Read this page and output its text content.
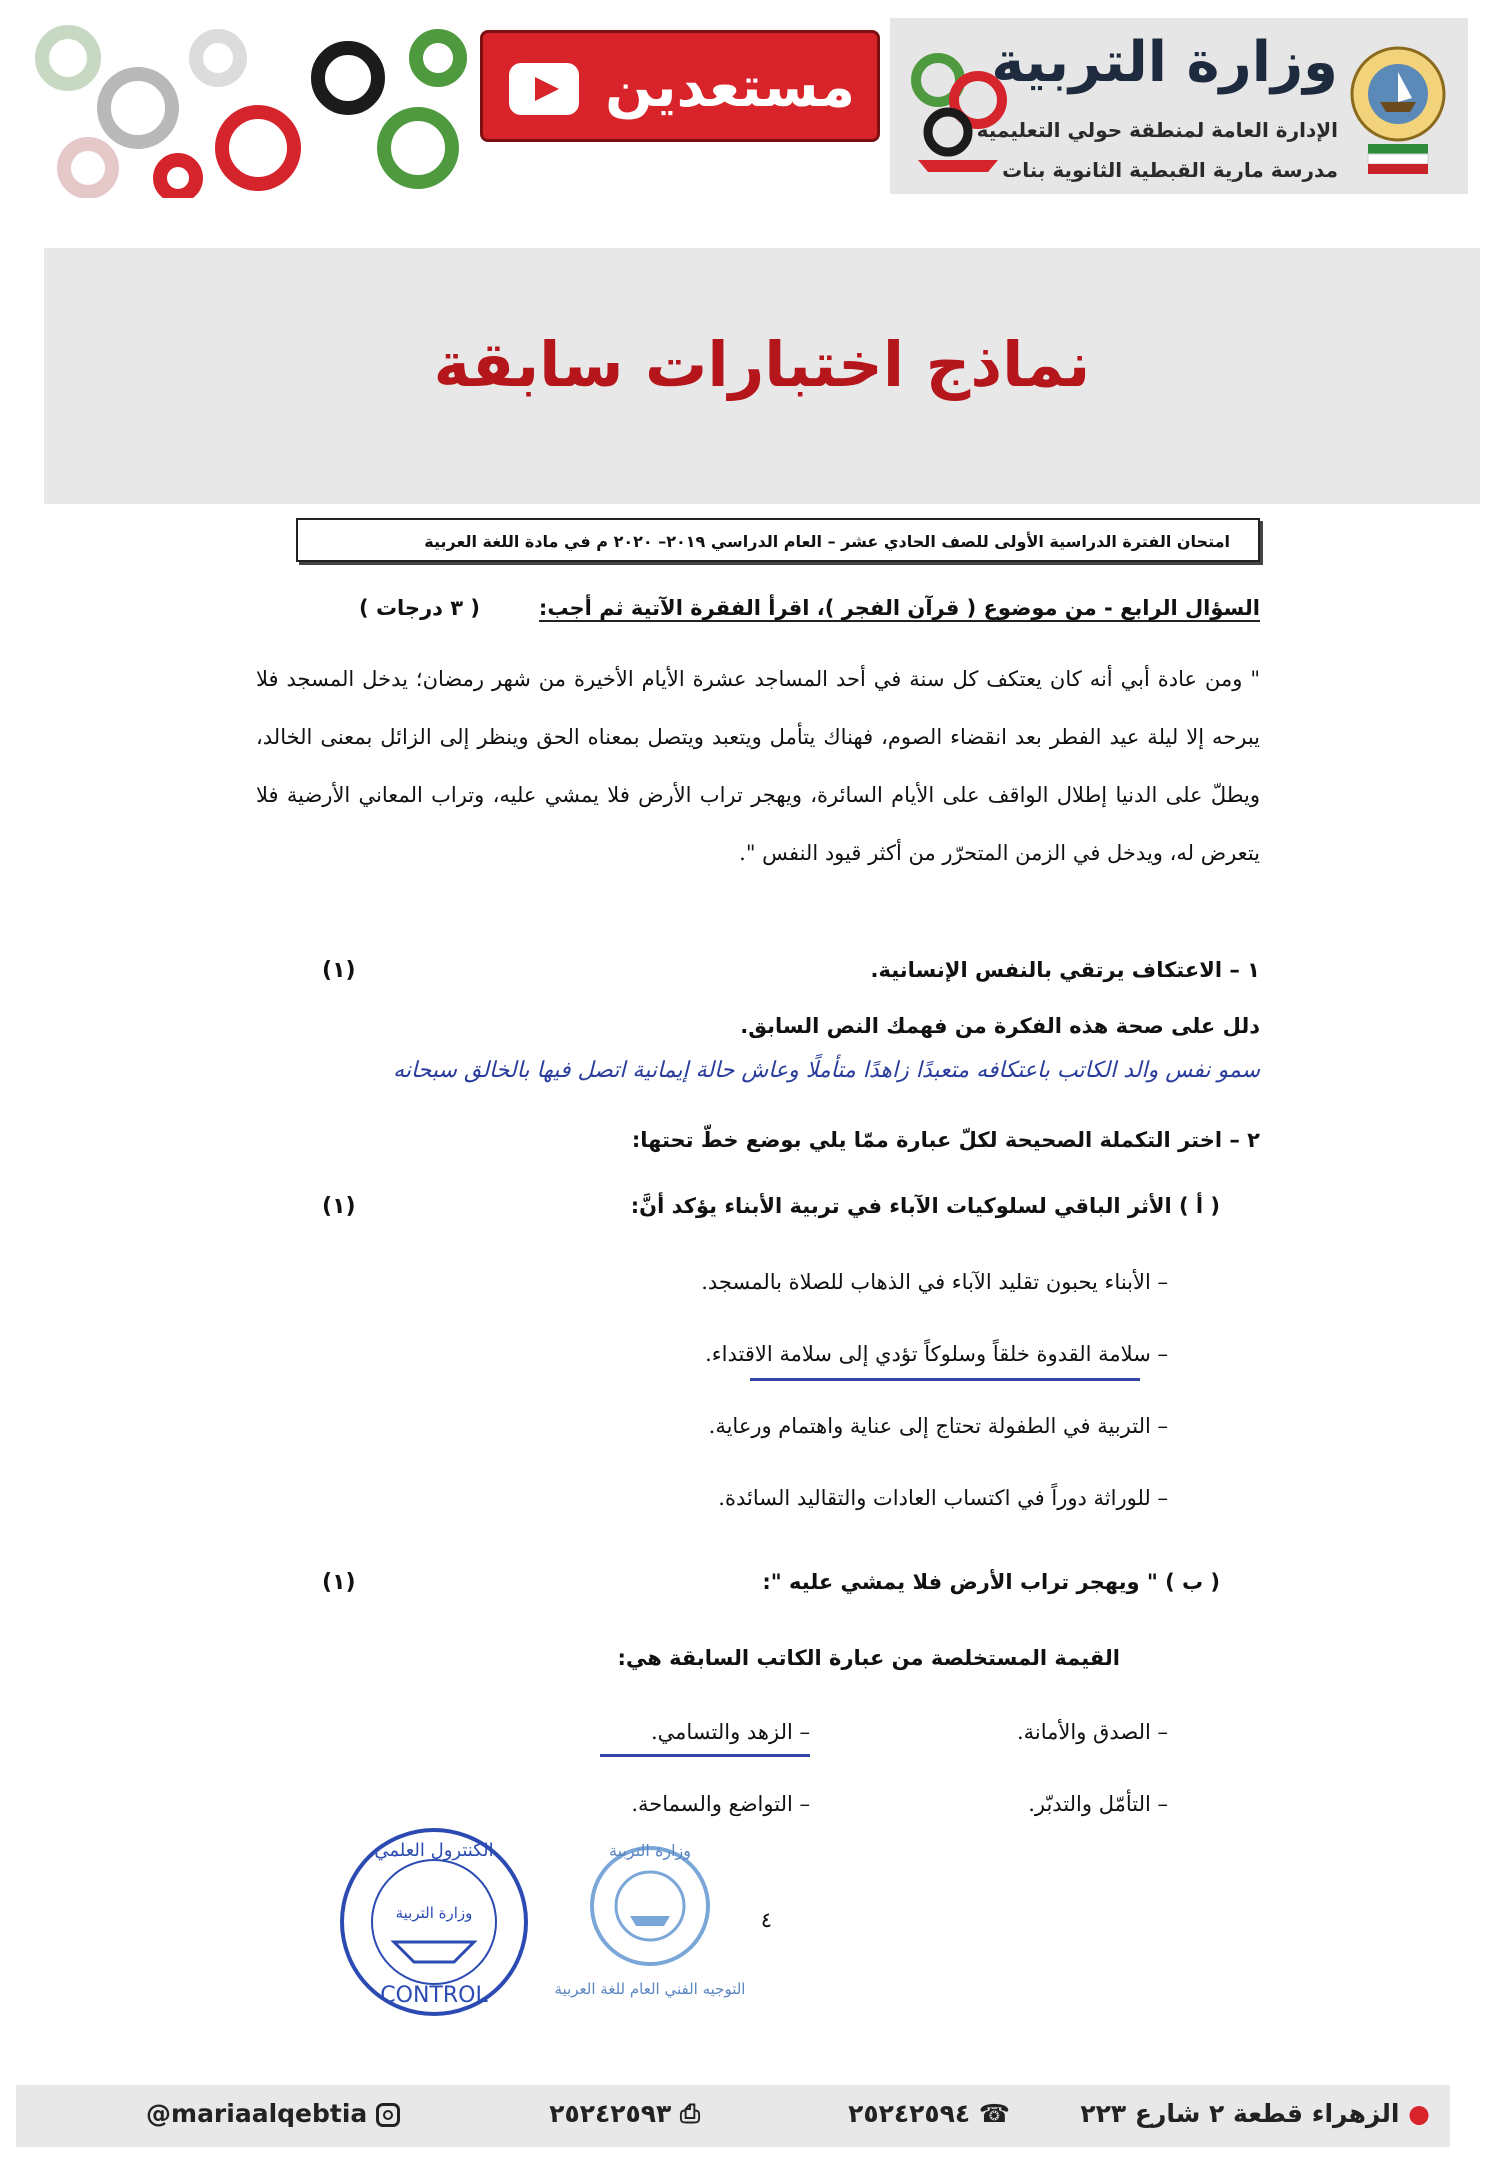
مستعدين وزارة التربية
الإدارة العامة لمنطقة حولي التعليمية
مدرسة مارية القبطية الثانوية بنات
نماذج اختبارات سابقة
امتحان الفترة الدراسية الأولى للصف الحادي عشر – العام الدراسي ٢٠١٩– ٢٠٢٠ م في مادة اللغة العربية
السؤال الرابع - من موضوع ( قرآن الفجر )، اقرأ الفقرة الآتية ثم أجب:
( ٣ درجات )
" ومن عادة أبي أنه كان يعتكف كل سنة في أحد المساجد عشرة الأيام الأخيرة من شهر رمضان؛ يدخل المسجد فلا يبرحه إلا ليلة عيد الفطر بعد انقضاء الصوم، فهناك يتأمل ويتعبد ويتصل بمعناه الحق وينظر إلى الزائل بمعنى الخالد، ويطلّ على الدنيا إطلال الواقف على الأيام السائرة، ويهجر تراب الأرض فلا يمشي عليه، وتراب المعاني الأرضية فلا يتعرض له، ويدخل في الزمن المتحرّر من أكثر قيود النفس ".
١ – الاعتكاف يرتقي بالنفس الإنسانية.
(١)
دلل على صحة هذه الفكرة من فهمك النص السابق.
سمو نفس والد الكاتب باعتكافه متعبدًا زاهدًا متأملًا وعاش حالة إيمانية اتصل فيها بالخالق سبحانه
٢ – اختر التكملة الصحيحة لكلّ عبارة ممّا يلي بوضع خطّ تحتها:
( أ ) الأثر الباقي لسلوكيات الآباء في تربية الأبناء يؤكد أنَّ:
(١)
– الأبناء يحبون تقليد الآباء في الذهاب للصلاة بالمسجد.
– سلامة القدوة خلقاً وسلوكاً تؤدي إلى سلامة الاقتداء.
– التربية في الطفولة تحتاج إلى عناية واهتمام ورعاية.
– للوراثة دوراً في اكتساب العادات والتقاليد السائدة.
( ب ) " ويهجر تراب الأرض فلا يمشي عليه ":
(١)
القيمة المستخلصة من عبارة الكاتب السابقة هي:
– الصدق والأمانة.
– الزهد والتسامي.
– التأمّل والتدبّر.
– التواضع والسماحة.
٤
الكنترول العلمي
وزارة التربية
CONTROL
وزارة التربية
التوجيه الفني العام للغة العربية
● الزهراء قطعة ٢ شارع ٢٢٣
☎ ٢٥٢٤٢٥٩٤
⎙ ٢٥٢٤٢٥٩٣
@mariaalqebtia
